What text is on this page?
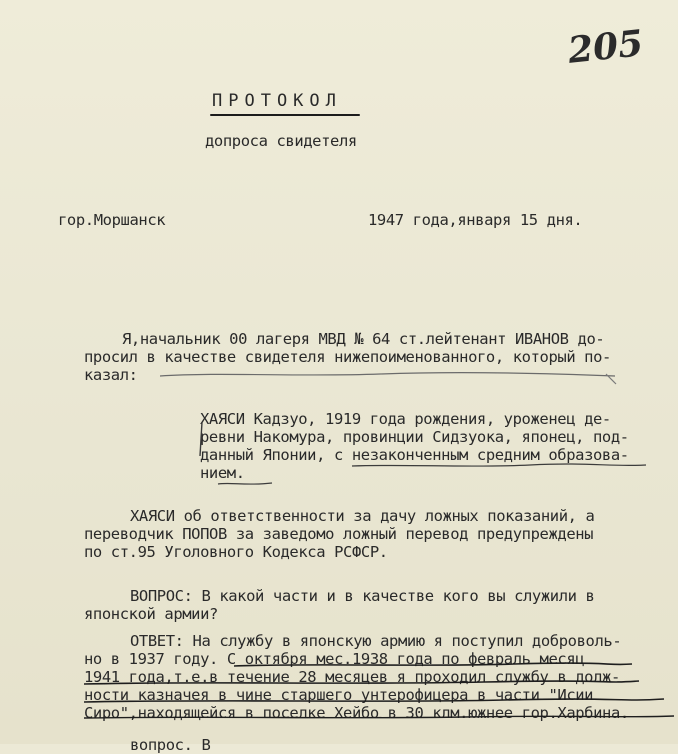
205
ПРОТОКОЛ
допроса свидетеля
гор.Моршанск	1947 года,января 15 дня.
Я,начальник 00 лагеря МВД № 64 ст.лейтенант ИВАНОВ до-
просил в качестве свидетеля нижепоименованного, который по-
казал:
ХАЯСИ Кадзуо, 1919 года рождения, уроженец де-
ревни Накомура, провинции Сидзуока, японец, под-
данный Японии, с незаконченным средним образова-
нием.
ХАЯСИ об ответственности за дачу ложных показаний, а
переводчик ПОПОВ за заведомо ложный перевод предупреждены
по ст.95 Уголовного Кодекса РСФСР.
ВОПРОС: В какой части и в качестве кого вы служили в
японской армии?
ОТВЕТ: На службу в японскую армию я поступил доброволь-
но в 1937 году. С октября мес.1938 года по февраль месяц
1941 года,т.е.в течение 28 месяцев я проходил службу в долж-
ности казначея в чине старшего унтерофицера в части "Исии
Сиро",находящейся в поселке Хейбо в 30 клм.южнее гор.Харбина.
вопрос. В
